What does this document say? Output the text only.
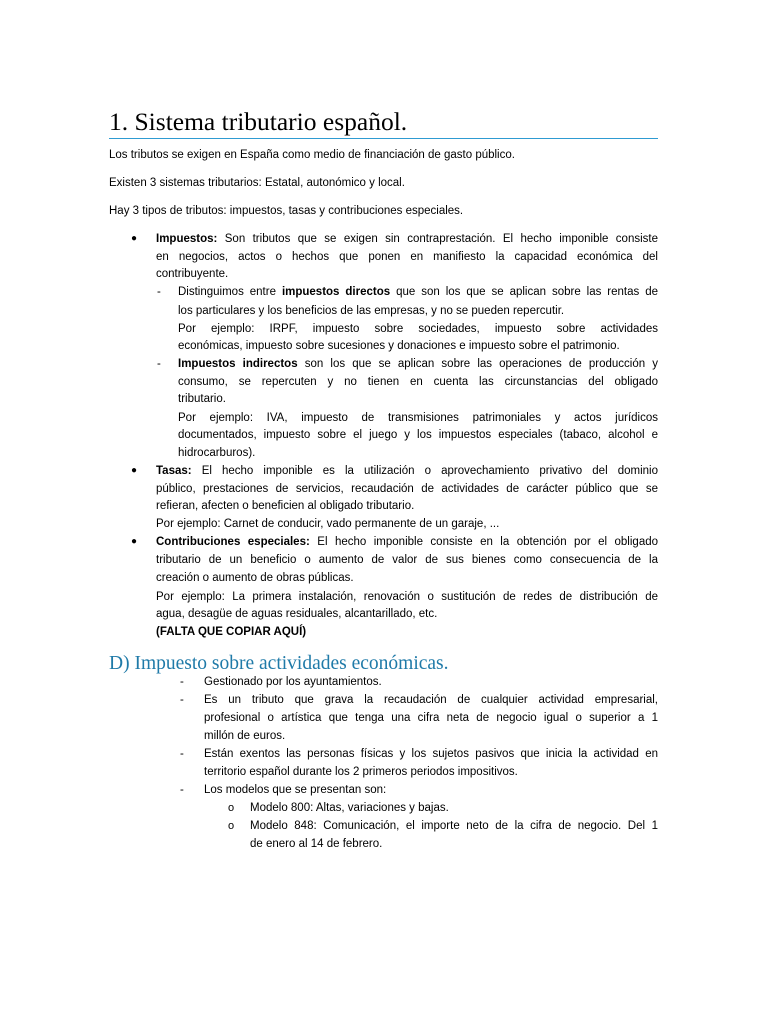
1. Sistema tributario español.

Los tributos se exigen en España como medio de financiación de gasto público.

Existen 3 sistemas tributarios: Estatal, autonómico y local.

Hay 3 tipos de tributos: impuestos, tasas y contribuciones especiales.

●	Impuestos: Son tributos que se exigen sin contraprestación. El hecho imponible consiste

en negocios, actos o hechos que ponen en manifiesto la capacidad económica del

contribuyente.

- Distinguimos entre impuestos directos que son los que se aplican sobre las rentas de

los particulares y los beneficios de las empresas, y no se pueden repercutir.

Por ejemplo: IRPF, impuesto sobre sociedades, impuesto sobre actividades

económicas, impuesto sobre sucesiones y donaciones e impuesto sobre el patrimonio.

- Impuestos indirectos son los que se aplican sobre las operaciones de producción y

consumo, se repercuten y no tienen en cuenta las circunstancias del obligado

tributario.

Por ejemplo: IVA, impuesto de transmisiones patrimoniales y actos jurídicos

documentados, impuesto sobre el juego y los impuestos especiales (tabaco, alcohol e

hidrocarburos).

●	Tasas: El hecho imponible es la utilización o aprovechamiento privativo del dominio

público, prestaciones de servicios, recaudación de actividades de carácter público que se

refieran, afecten o beneficien al obligado tributario.

Por ejemplo: Carnet de conducir, vado permanente de un garaje, ...

●	Contribuciones especiales: El hecho imponible consiste en la obtención por el obligado

tributario de un beneficio o aumento de valor de sus bienes como consecuencia de la

creación o aumento de obras públicas.

Por ejemplo: La primera instalación, renovación o sustitución de redes de distribución de

agua, desagüe de aguas residuales, alcantarillado, etc.

(FALTA QUE COPIAR AQUÍ)

D) Impuesto sobre actividades económicas.
- Gestionado por los ayuntamientos.

- Es un tributo que grava la recaudación de cualquier actividad empresarial,

profesional o artística que tenga una cifra neta de negocio igual o superior a 1

millón de euros.

- Están exentos las personas físicas y los sujetos pasivos que inicia la actividad en

territorio español durante los 2 primeros periodos impositivos.

- Los modelos que se presentan son:

o Modelo 800: Altas, variaciones y bajas.

o Modelo 848: Comunicación, el importe neto de la cifra de negocio. Del 1

de enero al 14 de febrero.
